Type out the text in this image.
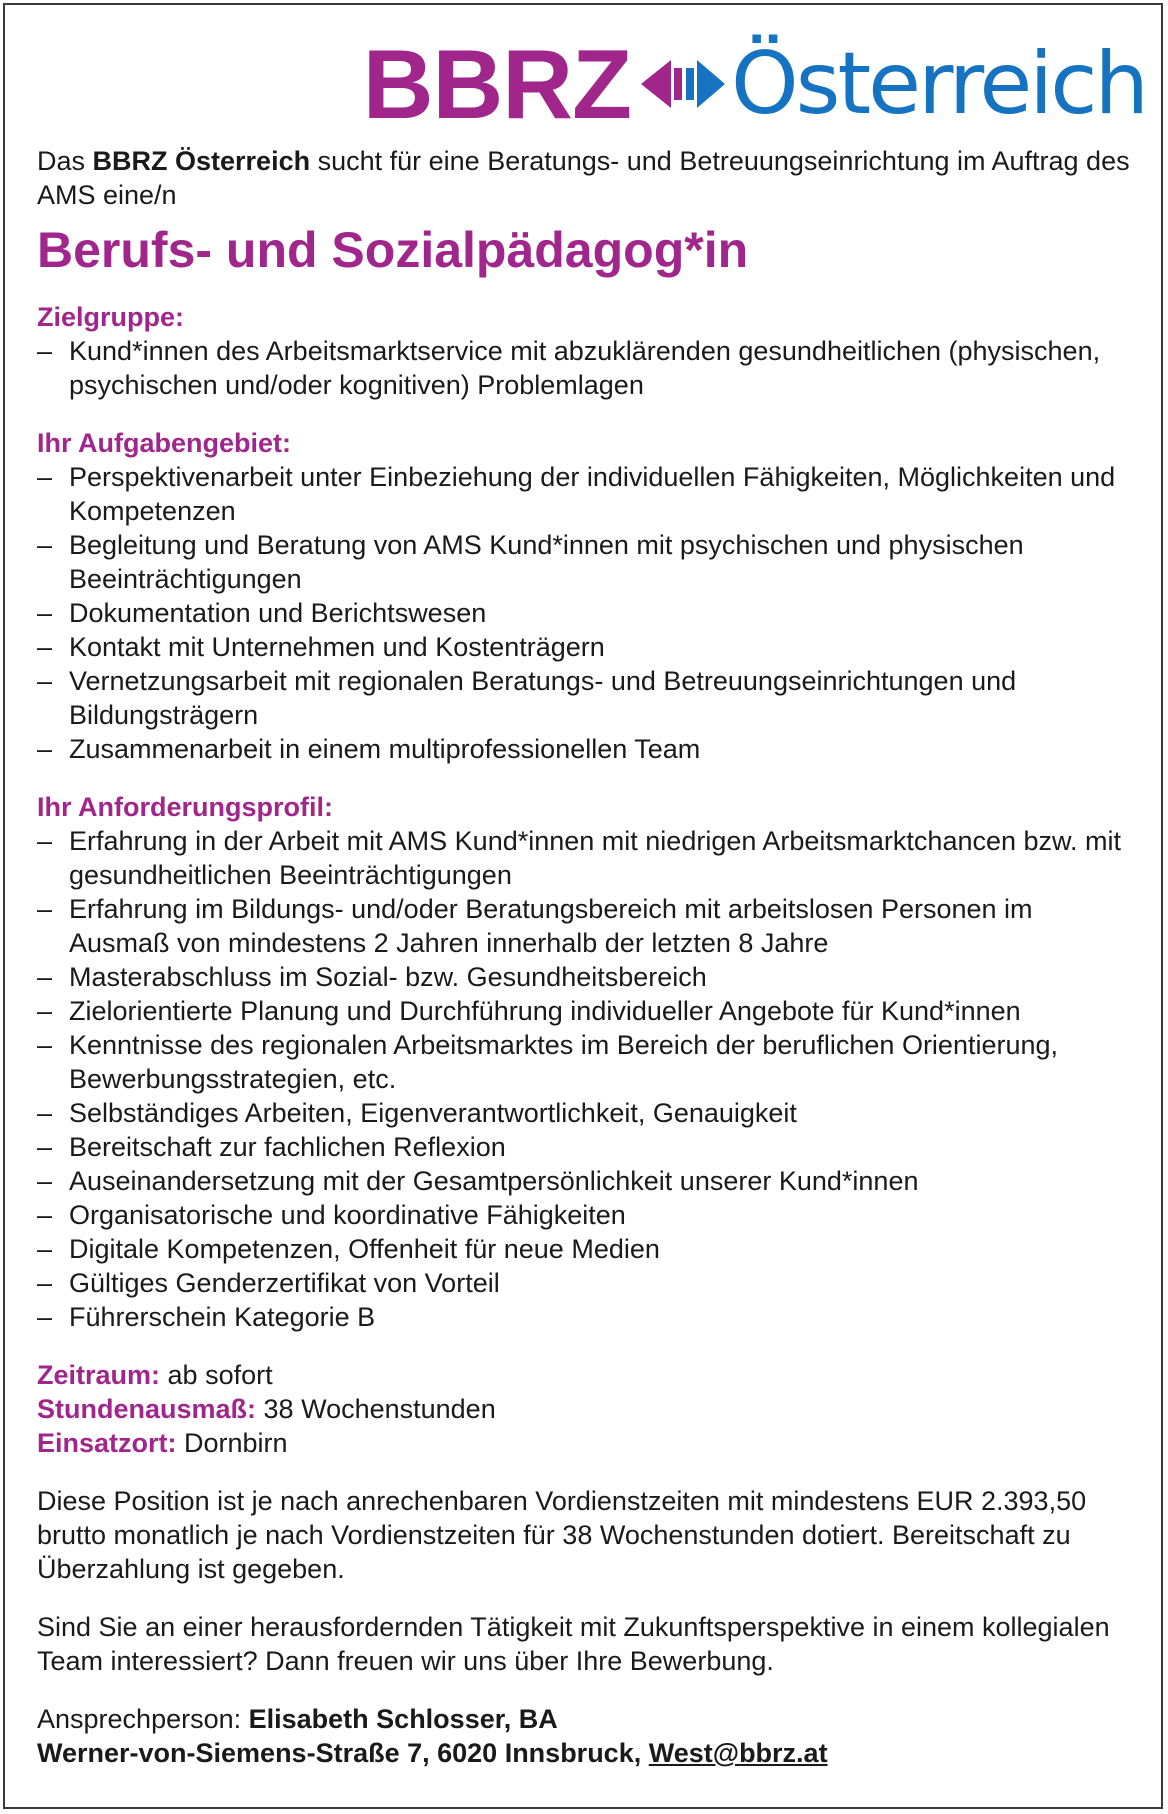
BBRZ Österreich

Das BBRZ Österreich sucht für eine Beratungs- und Betreuungseinrichtung im Auftrag des AMS eine/n

Berufs- und Sozialpädagog*in

Zielgruppe:

– Kund*innen des Arbeitsmarktservice mit abzuklärenden gesundheitlichen (physischen, psychischen und/oder kognitiven) Problemlagen

Ihr Aufgabengebiet:

– Perspektivenarbeit unter Einbeziehung der individuellen Fähigkeiten, Möglichkeiten und Kompetenzen
– Begleitung und Beratung von AMS Kund*innen mit psychischen und physischen Beeinträchtigungen
– Dokumentation und Berichtswesen
– Kontakt mit Unternehmen und Kostenträgern
– Vernetzungsarbeit mit regionalen Beratungs- und Betreuungseinrichtungen und Bildungsträgern
– Zusammenarbeit in einem multiprofessionellen Team

Ihr Anforderungsprofil:

– Erfahrung in der Arbeit mit AMS Kund*innen mit niedrigen Arbeitsmarktchancen bzw. mit gesundheitlichen Beeinträchtigungen
– Erfahrung im Bildungs- und/oder Beratungsbereich mit arbeitslosen Personen im Ausmaß von mindestens 2 Jahren innerhalb der letzten 8 Jahre
– Masterabschluss im Sozial- bzw. Gesundheitsbereich
– Zielorientierte Planung und Durchführung individueller Angebote für Kund*innen
– Kenntnisse des regionalen Arbeitsmarktes im Bereich der beruflichen Orientierung, Bewerbungsstrategien, etc.
– Selbständiges Arbeiten, Eigenverantwortlichkeit, Genauigkeit
– Bereitschaft zur fachlichen Reflexion
– Auseinandersetzung mit der Gesamtpersönlichkeit unserer Kund*innen
– Organisatorische und koordinative Fähigkeiten
– Digitale Kompetenzen, Offenheit für neue Medien
– Gültiges Genderzertifikat von Vorteil
– Führerschein Kategorie B

Zeitraum: ab sofort

Stundenausmaß: 38 Wochenstunden

Einsatzort: Dornbirn

Diese Position ist je nach anrechenbaren Vordienstzeiten mit mindestens EUR 2.393,50 brutto monatlich je nach Vordienstzeiten für 38 Wochenstunden dotiert. Bereitschaft zu Überzahlung ist gegeben.

Sind Sie an einer herausfordernden Tätigkeit mit Zukunftsperspektive in einem kollegialen Team interessiert? Dann freuen wir uns über Ihre Bewerbung.

Ansprechperson: Elisabeth Schlosser, BA

Werner-von-Siemens-Straße 7, 6020 Innsbruck, West@bbrz.at
